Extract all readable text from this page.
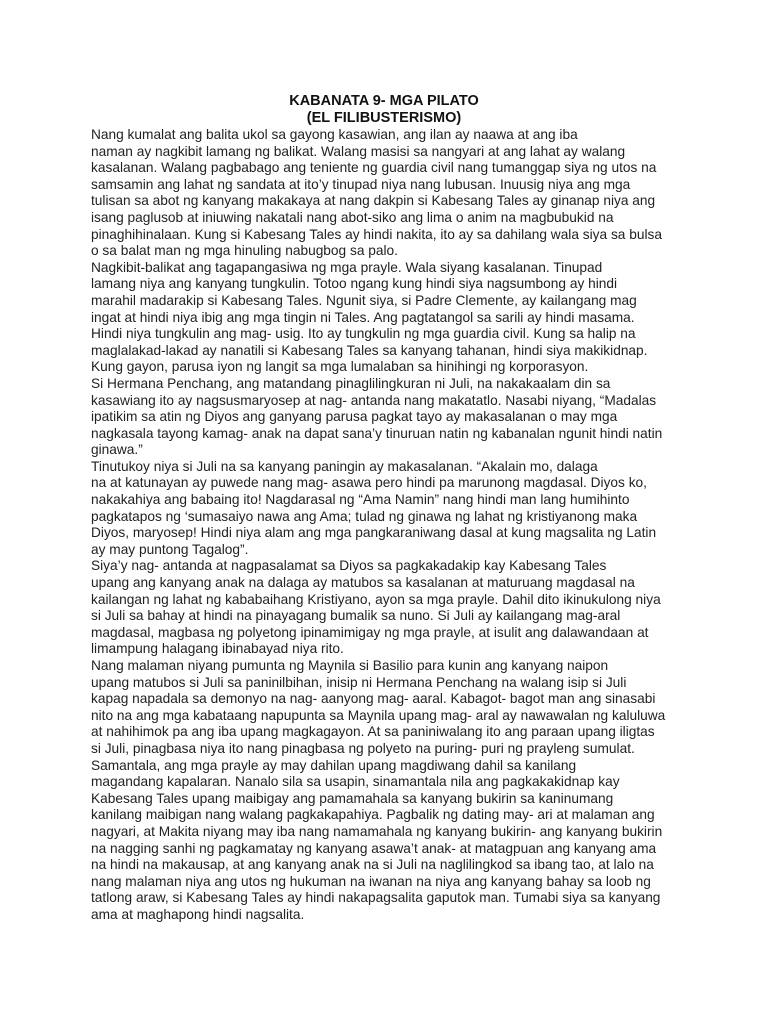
KABANATA 9- MGA PILATO
(EL FILIBUSTERISMO)
Nang kumalat ang balita ukol sa gayong kasawian, ang ilan ay naawa at ang iba
naman ay nagkibit lamang ng balikat. Walang masisi sa nangyari at ang lahat ay walang
kasalanan. Walang pagbabago ang teniente ng guardia civil nang tumanggap siya ng utos na
samsamin ang lahat ng sandata at ito’y tinupad niya nang lubusan. Inuusig niya ang mga
tulisan sa abot ng kanyang makakaya at nang dakpin si Kabesang Tales ay ginanap niya ang
isang paglusob at iniuwing nakatali nang abot-siko ang lima o anim na magbubukid na
pinaghihinalaan. Kung si Kabesang Tales ay hindi nakita, ito ay sa dahilang wala siya sa bulsa
o sa balat man ng mga hinuling nabugbog sa palo.
Nagkibit-balikat ang tagapangasiwa ng mga prayle. Wala siyang kasalanan. Tinupad
lamang niya ang kanyang tungkulin. Totoo ngang kung hindi siya nagsumbong ay hindi
marahil madarakip si Kabesang Tales. Ngunit siya, si Padre Clemente, ay kailangang mag
ingat at hindi niya ibig ang mga tingin ni Tales. Ang pagtatangol sa sarili ay hindi masama.
Hindi niya tungkulin ang mag- usig. Ito ay tungkulin ng mga guardia civil. Kung sa halip na
maglalakad-lakad ay nanatili si Kabesang Tales sa kanyang tahanan, hindi siya makikidnap.
Kung gayon, parusa iyon ng langit sa mga lumalaban sa hinihingi ng korporasyon.
Si Hermana Penchang, ang matandang pinaglilingkuran ni Juli, na nakakaalam din sa
kasawiang ito ay nagsusmaryosep at nag- antanda nang makatatlo. Nasabi niyang, “Madalas
ipatikim sa atin ng Diyos ang ganyang parusa pagkat tayo ay makasalanan o may mga
nagkasala tayong kamag- anak na dapat sana’y tinuruan natin ng kabanalan ngunit hindi natin
ginawa.”
Tinutukoy niya si Juli na sa kanyang paningin ay makasalanan. “Akalain mo, dalaga
na at katunayan ay puwede nang mag- asawa pero hindi pa marunong magdasal. Diyos ko,
nakakahiya ang babaing ito! Nagdarasal ng “Ama Namin” nang hindi man lang humihinto
pagkatapos ng ‘sumasaiyo nawa ang Ama; tulad ng ginawa ng lahat ng kristiyanong maka
Diyos, maryosep! Hindi niya alam ang mga pangkaraniwang dasal at kung magsalita ng Latin
ay may puntong Tagalog”.
Siya’y nag- antanda at nagpasalamat sa Diyos sa pagkakadakip kay Kabesang Tales
upang ang kanyang anak na dalaga ay matubos sa kasalanan at maturuang magdasal na
kailangan ng lahat ng kababaihang Kristiyano, ayon sa mga prayle. Dahil dito ikinukulong niya
si Juli sa bahay at hindi na pinayagang bumalik sa nuno. Si Juli ay kailangang mag-aral
magdasal, magbasa ng polyetong ipinamimigay ng mga prayle, at isulit ang dalawandaan at
limampung halagang ibinabayad niya rito.
Nang malaman niyang pumunta ng Maynila si Basilio para kunin ang kanyang naipon
upang matubos si Juli sa paninilbihan, inisip ni Hermana Penchang na walang isip si Juli
kapag napadala sa demonyo na nag- aanyong mag- aaral. Kabagot- bagot man ang sinasabi
nito na ang mga kabataang napupunta sa Maynila upang mag- aral ay nawawalan ng kaluluwa
at nahihimok pa ang iba upang magkagayon. At sa paniniwalang ito ang paraan upang iligtas
si Juli, pinagbasa niya ito nang pinagbasa ng polyeto na puring- puri ng prayleng sumulat.
Samantala, ang mga prayle ay may dahilan upang magdiwang dahil sa kanilang
magandang kapalaran. Nanalo sila sa usapin, sinamantala nila ang pagkakakidnap kay
Kabesang Tales upang maibigay ang pamamahala sa kanyang bukirin sa kaninumang
kanilang maibigan nang walang pagkakapahiya. Pagbalik ng dating may- ari at malaman ang
nagyari, at Makita niyang may iba nang namamahala ng kanyang bukirin- ang kanyang bukirin
na nagging sanhi ng pagkamatay ng kanyang asawa’t anak- at matagpuan ang kanyang ama
na hindi na makausap, at ang kanyang anak na si Juli na naglilingkod sa ibang tao, at lalo na
nang malaman niya ang utos ng hukuman na iwanan na niya ang kanyang bahay sa loob ng
tatlong araw, si Kabesang Tales ay hindi nakapagsalita gaputok man. Tumabi siya sa kanyang
ama at maghapong hindi nagsalita.
